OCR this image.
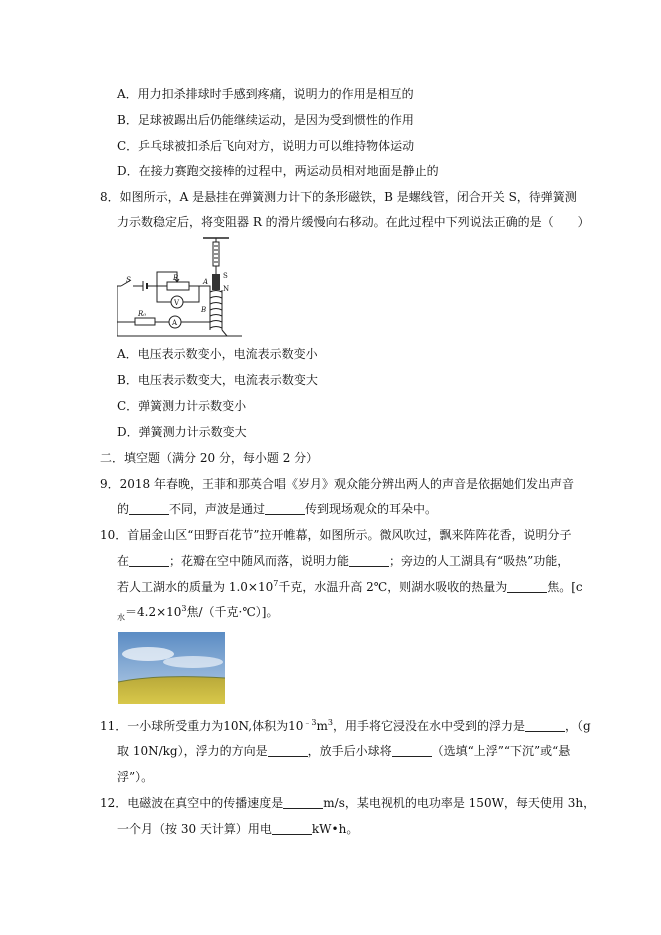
A．用力扣杀排球时手感到疼痛，说明力的作用是相互的
B．足球被踢出后仍能继续运动，是因为受到惯性的作用
C．乒乓球被扣杀后飞向对方，说明力可以维持物体运动
D．在接力赛跑交接棒的过程中，两运动员相对地面是静止的
8．如图所示，A 是悬挂在弹簧测力计下的条形磁铁，B 是螺线管，闭合开关 S，待弹簧测
力示数稳定后，将变阻器 R 的滑片缓慢向右移动。在此过程中下列说法正确的是（　　）
S	R
V
A
R₀
A
N
S
B
A．电压表示数变小，电流表示数变小
B．电压表示数变大，电流表示数变大
C．弹簧测力计示数变小
D．弹簧测力计示数变大
二．填空题（满分 20 分，每小题 2 分）
9．2018 年春晚，王菲和那英合唱《岁月》观众能分辨出两人的声音是依据她们发出声音
的	不同，声波是通过	传到现场观众的耳朵中。
10．首届金山区“田野百花节”拉开帷幕，如图所示。微风吹过，飘来阵阵花香，说明分子
在	；花瓣在空中随风而落，说明力能	；旁边的人工湖具有“吸热”功能，
若人工湖水的质量为 $1.0\times 10^7$千克，水温升高 2℃，则湖水吸收的热量为	焦。[c
$_水=4.2\times 10^3$焦/（千克·℃）]。
11．一小球所受重力为10N,体积为$10^{﹣3}m^3$，用手将它浸没在水中受到的浮力是	，（g
取 10N/kg），浮力的方向是	，放手后小球将	（选填“上浮”“下沉”或“悬
浮”）。
12．电磁波在真空中的传播速度是	m/s，某电视机的电功率是 150W，每天使用 3h，
一个月（按 30 天计算）用电	kW•h。
